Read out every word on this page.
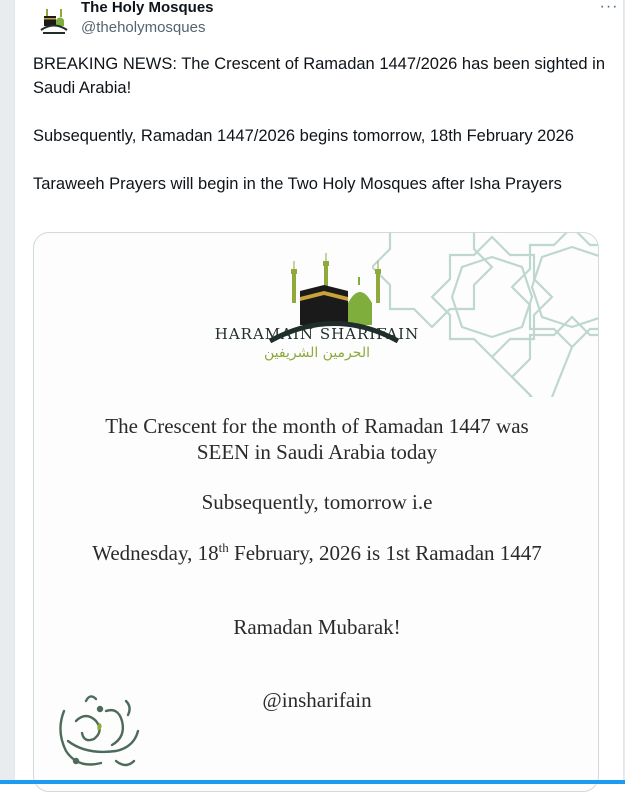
The Holy Mosques
@theholymosques
···

BREAKING NEWS: The Crescent of Ramadan 1447/2026 has been sighted in Saudi Arabia!

Subsequently, Ramadan 1447/2026 begins tomorrow, 18th February 2026

Taraweeh Prayers will begin in the Two Holy Mosques after Isha Prayers

HARAMAIN SHARIFAIN
الحرمين الشريفين
The Crescent for the month of Ramadan 1447 was
SEEN in Saudi Arabia today
Subsequently, tomorrow i.e
Wednesday, 18th February, 2026 is 1st Ramadan 1447
Ramadan Mubarak!
@insharifain
